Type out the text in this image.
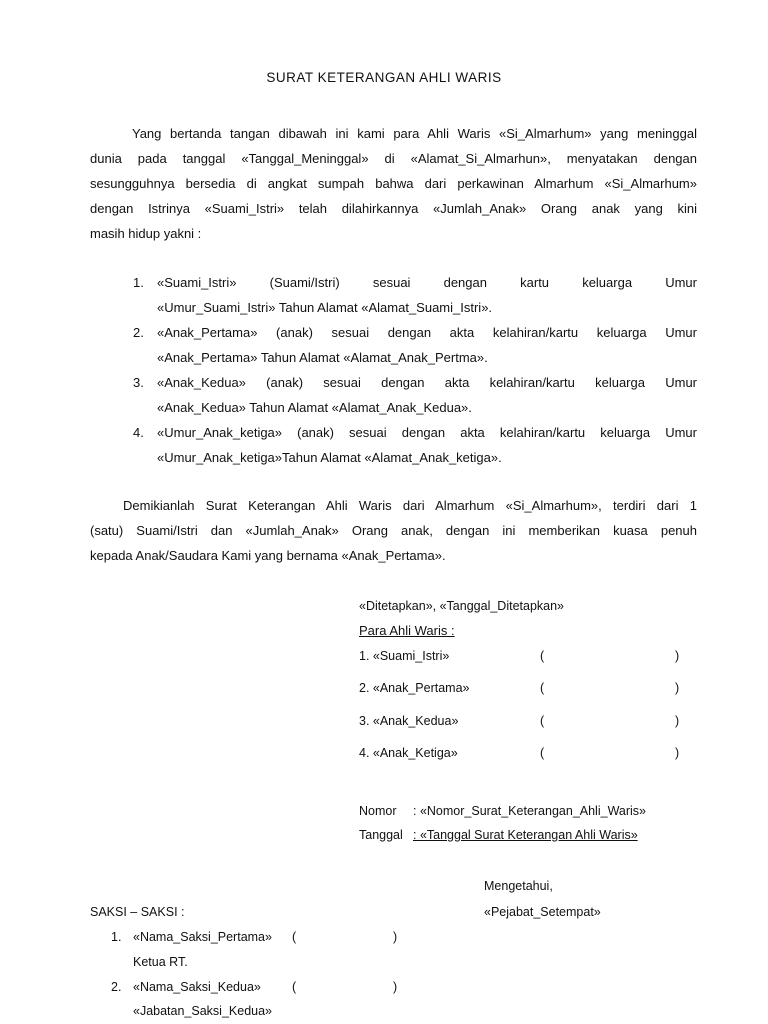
SURAT KETERANGAN AHLI WARIS
Yang bertanda tangan dibawah ini kami para Ahli Waris «Si_Almarhum» yang meninggal
dunia pada tanggal «Tanggal_Meninggal» di «Alamat_Si_Almarhun», menyatakan dengan
sesungguhnya bersedia di angkat sumpah bahwa dari perkawinan Almarhum «Si_Almarhum»
dengan Istrinya «Suami_Istri» telah dilahirkannya «Jumlah_Anak» Orang anak yang kini
masih hidup yakni :
1. «Suami_Istri» (Suami/Istri) sesuai dengan kartu keluarga Umur
«Umur_Suami_Istri» Tahun Alamat «Alamat_Suami_Istri».
2. «Anak_Pertama» (anak) sesuai dengan akta kelahiran/kartu keluarga Umur
«Anak_Pertama» Tahun Alamat «Alamat_Anak_Pertma».
3. «Anak_Kedua» (anak) sesuai dengan akta kelahiran/kartu keluarga Umur
«Anak_Kedua» Tahun Alamat «Alamat_Anak_Kedua».
4. «Umur_Anak_ketiga» (anak) sesuai dengan akta kelahiran/kartu keluarga Umur
«Umur_Anak_ketiga»Tahun Alamat «Alamat_Anak_ketiga».
Demikianlah Surat Keterangan Ahli Waris dari Almarhum «Si_Almarhum», terdiri dari 1
(satu) Suami/Istri dan «Jumlah_Anak» Orang anak, dengan ini memberikan kuasa penuh
kepada Anak/Saudara Kami yang bernama «Anak_Pertama».
«Ditetapkan», «Tanggal_Ditetapkan»
Para Ahli Waris :
1. «Suami_Istri»	(	)
2. «Anak_Pertama»	(	)
3. «Anak_Kedua»	(	)
4. «Anak_Ketiga»	(	)
Nomor : «Nomor_Surat_Keterangan_Ahli_Waris»
Tanggal : «Tanggal Surat Keterangan Ahli Waris»
Mengetahui,
«Pejabat_Setempat»
SAKSI – SAKSI :
1. «Nama_Saksi_Pertama» (	)
Ketua RT.
2. «Nama_Saksi_Kedua» (	)
«Jabatan_Saksi_Kedua»
